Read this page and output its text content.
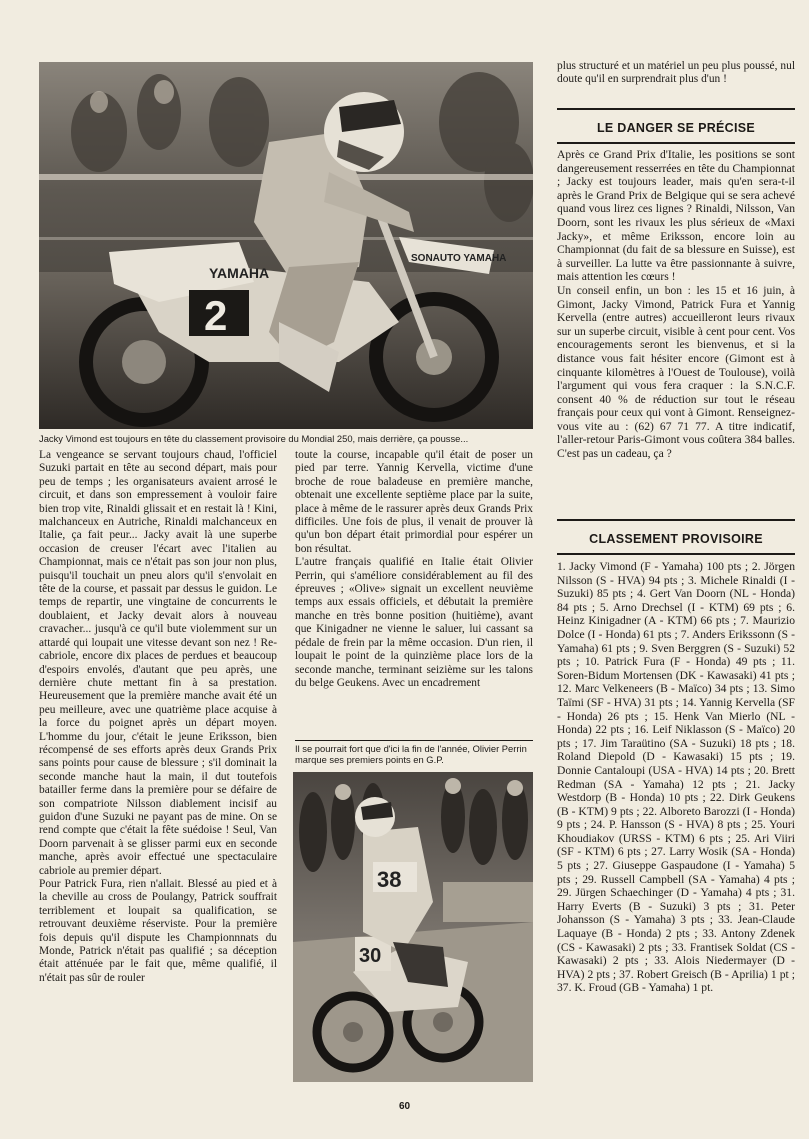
SONAUTO YAMAHA
YAMAHA
2
Jacky Vimond est toujours en tête du classement provisoire du Mondial 250, mais derrière, ça pousse...

La vengeance se servant toujours chaud, l'officiel Suzuki partait en tête au second départ, mais pour peu de temps ; les organisateurs avaient arrosé le circuit, et dans son empressement à vouloir faire bien trop vite, Rinaldi glissait et en restait là ! Kini, malchanceux en Autriche, Rinaldi malchanceux en Italie, ça fait peur... Jacky avait là une superbe occasion de creuser l'écart avec l'italien au Championnat, mais ce n'était pas son jour non plus, puisqu'il touchait un pneu alors qu'il s'envolait en tête de la course, et passait par dessus le guidon. Le temps de repartir, une vingtaine de concurrents le doublaient, et Jacky devait alors à nouveau cravacher... jusqu'à ce qu'il bute violemment sur un attardé qui loupait une vitesse devant son nez ! Re-cabriole, encore dix places de perdues et beaucoup d'espoirs envolés, d'autant que peu après, une dernière chute mettant fin à sa prestation. Heureusement que la première manche avait été un peu meilleure, avec une quatrième place acquise à la force du poignet après un départ moyen. L'homme du jour, c'était le jeune Eriksson, bien récompensé de ses efforts après deux Grands Prix sans points pour cause de blessure ; s'il dominait la seconde manche haut la main, il dut toutefois batailler ferme dans la première pour se défaire de son compatriote Nilsson diablement incisif au guidon d'une Suzuki ne payant pas de mine. On se rend compte que c'était la fête suédoise ! Seul, Van Doorn parvenait à se glisser parmi eux en seconde manche, après avoir effectué une spectaculaire cabriole au premier départ.

Pour Patrick Fura, rien n'allait. Blessé au pied et à la cheville au cross de Poulangy, Patrick souffrait terriblement et loupait sa qualification, se retrouvant deuxième réserviste. Pour la première fois depuis qu'il dispute les Championnnats du Monde, Patrick n'était pas qualifié ; sa déception était atténuée par le fait que, même qualifié, il n'était pas sûr de rouler

toute la course, incapable qu'il était de poser un pied par terre. Yannig Kervella, victime d'une broche de roue baladeuse en première manche, obtenait une excellente septième place par la suite, place à même de le rassurer après deux Grands Prix difficiles. Une fois de plus, il venait de prouver là qu'un bon départ était primordial pour espérer un bon résultat.

L'autre français qualifié en Italie était Olivier Perrin, qui s'améliore considérablement au fil des épreuves ; «Olive» signait un excellent neuvième temps aux essais officiels, et débutait la première manche en très bonne position (huitième), avant que Kinigadner ne vienne le saluer, lui cassant sa pédale de frein par la même occasion. D'un rien, il loupait le point de la quinzième place lors de la seconde manche, terminant seizième sur les talons du belge Geukens. Avec un encadrement

Il se pourrait fort que d'ici la fin de l'année, Olivier Perrin marque ses premiers points en G.P.
30
38
plus structuré et un matériel un peu plus poussé, nul doute qu'il en surprendrait plus d'un !
LE DANGER SE PRÉCISE

Après ce Grand Prix d'Italie, les positions se sont dangereusement resserrées en tête du Championnat ; Jacky est toujours leader, mais qu'en sera-t-il après le Grand Prix de Belgique qui se sera achevé quand vous lirez ces lignes ? Rinaldi, Nilsson, Van Doorn, sont les rivaux les plus sérieux de «Maxi Jacky», et même Eriksson, encore loin au Championnat (du fait de sa blessure en Suisse), est à surveiller. La lutte va être passionnante à suivre, mais attention les cœurs !

Un conseil enfin, un bon : les 15 et 16 juin, à Gimont, Jacky Vimond, Patrick Fura et Yannig Kervella (entre autres) accueilleront leurs rivaux sur un superbe circuit, visible à cent pour cent. Vos encouragements seront les bienvenus, et si la distance vous fait hésiter encore (Gimont est à cinquante kilomètres à l'Ouest de Toulouse), voilà l'argument qui vous fera craquer : la S.N.C.F. consent 40 % de réduction sur tout le réseau français pour ceux qui vont à Gimont. Renseignez-vous vite au : (62) 67 71 77. A titre indicatif, l'aller-retour Paris-Gimont vous coûtera 384 balles. C'est pas un cadeau, ça ?

CLASSEMENT PROVISOIRE
1. Jacky Vimond (F - Yamaha) 100 pts ; 2. Jörgen Nilsson (S - HVA) 94 pts ; 3. Michele Rinaldi (I - Suzuki) 85 pts ; 4. Gert Van Doorn (NL - Honda) 84 pts ; 5. Arno Drechsel (I - KTM) 69 pts ; 6. Heinz Kinigadner (A - KTM) 66 pts ; 7. Maurizio Dolce (I - Honda) 61 pts ; 7. Anders Erikssonn (S - Yamaha) 61 pts ; 9. Sven Berggren (S - Suzuki) 52 pts ; 10. Patrick Fura (F - Honda) 49 pts ; 11. Soren-Bidum Mortensen (DK - Kawasaki) 41 pts ; 12. Marc Velkeneers (B - Maïco) 34 pts ; 13. Simo Taïmi (SF - HVA) 31 pts ; 14. Yannig Kervella (SF - Honda) 26 pts ; 15. Henk Van Mierlo (NL - Honda) 22 pts ; 16. Leif Niklasson (S - Maïco) 20 pts ; 17. Jim Taraütino (SA - Suzuki) 18 pts ; 18. Roland Diepold (D - Kawasaki) 15 pts ; 19. Donnie Cantaloupi (USA - HVA) 14 pts ; 20. Brett Redman (SA - Yamaha) 12 pts ; 21. Jacky Westdorp (B - Honda) 10 pts ; 22. Dirk Geukens (B - KTM) 9 pts ; 22. Alboreto Barozzi (I - Honda) 9 pts ; 24. P. Hansson (S - HVA) 8 pts ; 25. Youri Khoudiakov (URSS - KTM) 6 pts ; 25. Ari Viiri (SF - KTM) 6 pts ; 27. Larry Wosik (SA - Honda) 5 pts ; 27. Giuseppe Gaspaudone (I - Yamaha) 5 pts ; 29. Russell Campbell (SA - Yamaha) 4 pts ; 29. Jürgen Schaechinger (D - Yamaha) 4 pts ; 31. Harry Everts (B - Suzuki) 3 pts ; 31. Peter Johansson (S - Yamaha) 3 pts ; 33. Jean-Claude Laquaye (B - Honda) 2 pts ; 33. Antony Zdenek (CS - Kawasaki) 2 pts ; 33. Frantisek Soldat (CS - Kawasaki) 2 pts ; 33. Alois Niedermayer (D - HVA) 2 pts ; 37. Robert Greisch (B - Aprilia) 1 pt ; 37. K. Froud (GB - Yamaha) 1 pt.
60
